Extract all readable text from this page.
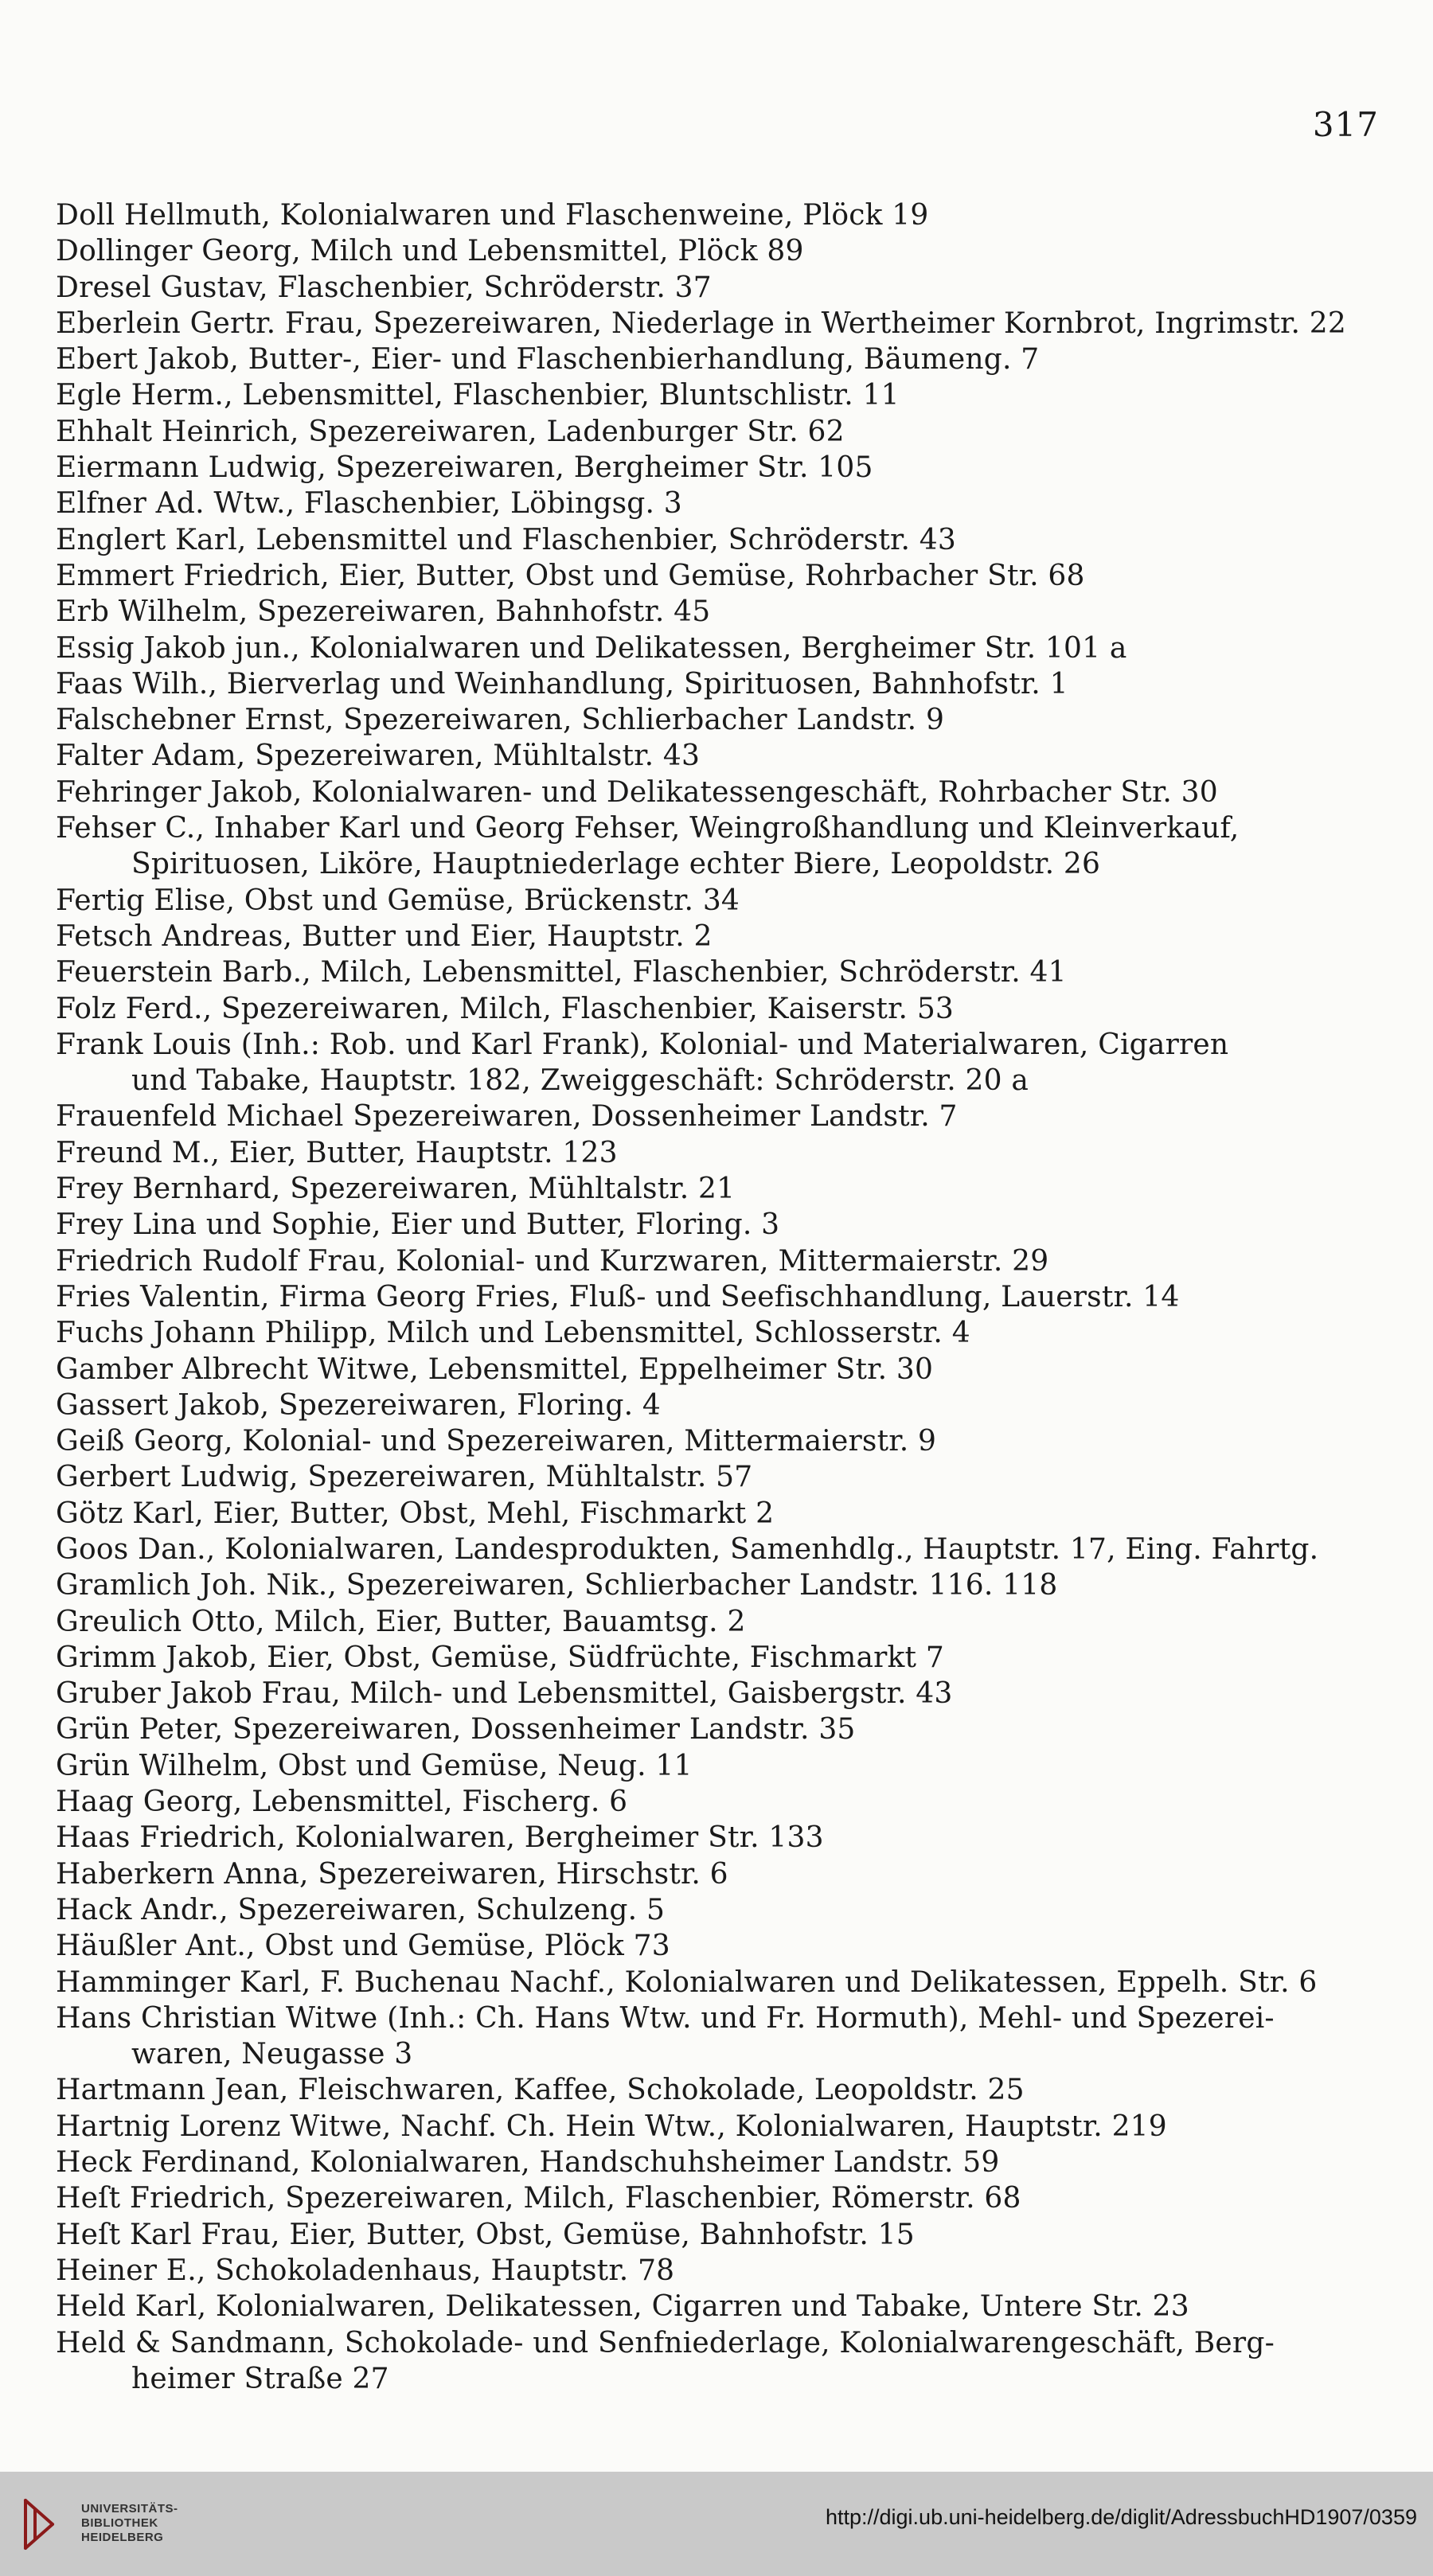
317
Doll Hellmuth, Kolonialwaren und Flaschenweine, Plöck 19
Dollinger Georg, Milch und Lebensmittel, Plöck 89
Dresel Gustav, Flaschenbier, Schröderstr. 37
Eberlein Gertr. Frau, Spezereiwaren, Niederlage in Wertheimer Kornbrot, Ingrimstr. 22
Ebert Jakob, Butter-, Eier- und Flaschenbierhandlung, Bäumeng. 7
Egle Herm., Lebensmittel, Flaschenbier, Bluntschlistr. 11
Ehhalt Heinrich, Spezereiwaren, Ladenburger Str. 62
Eiermann Ludwig, Spezereiwaren, Bergheimer Str. 105
Elfner Ad. Wtw., Flaschenbier, Löbingsg. 3
Englert Karl, Lebensmittel und Flaschenbier, Schröderstr. 43
Emmert Friedrich, Eier, Butter, Obst und Gemüse, Rohrbacher Str. 68
Erb Wilhelm, Spezereiwaren, Bahnhofstr. 45
Essig Jakob jun., Kolonialwaren und Delikatessen, Bergheimer Str. 101 a
Faas Wilh., Bierverlag und Weinhandlung, Spirituosen, Bahnhofstr. 1
Falschebner Ernst, Spezereiwaren, Schlierbacher Landstr. 9
Falter Adam, Spezereiwaren, Mühltalstr. 43
Fehringer Jakob, Kolonialwaren- und Delikatessengeschäft, Rohrbacher Str. 30
Fehser C., Inhaber Karl und Georg Fehser, Weingroßhandlung und Kleinverkauf,
Spirituosen, Liköre, Hauptniederlage echter Biere, Leopoldstr. 26
Fertig Elise, Obst und Gemüse, Brückenstr. 34
Fetsch Andreas, Butter und Eier, Hauptstr. 2
Feuerstein Barb., Milch, Lebensmittel, Flaschenbier, Schröderstr. 41
Folz Ferd., Spezereiwaren, Milch, Flaschenbier, Kaiserstr. 53
Frank Louis (Inh.: Rob. und Karl Frank), Kolonial- und Materialwaren, Cigarren
und Tabake, Hauptstr. 182, Zweiggeschäft: Schröderstr. 20 a
Frauenfeld Michael Spezereiwaren, Dossenheimer Landstr. 7
Freund M., Eier, Butter, Hauptstr. 123
Frey Bernhard, Spezereiwaren, Mühltalstr. 21
Frey Lina und Sophie, Eier und Butter, Floring. 3
Friedrich Rudolf Frau, Kolonial- und Kurzwaren, Mittermaierstr. 29
Fries Valentin, Firma Georg Fries, Fluß- und Seefischhandlung, Lauerstr. 14
Fuchs Johann Philipp, Milch und Lebensmittel, Schlosserstr. 4
Gamber Albrecht Witwe, Lebensmittel, Eppelheimer Str. 30
Gassert Jakob, Spezereiwaren, Floring. 4
Geiß Georg, Kolonial- und Spezereiwaren, Mittermaierstr. 9
Gerbert Ludwig, Spezereiwaren, Mühltalstr. 57
Götz Karl, Eier, Butter, Obst, Mehl, Fischmarkt 2
Goos Dan., Kolonialwaren, Landesprodukten, Samenhdlg., Hauptstr. 17, Eing. Fahrtg.
Gramlich Joh. Nik., Spezereiwaren, Schlierbacher Landstr. 116. 118
Greulich Otto, Milch, Eier, Butter, Bauamtsg. 2
Grimm Jakob, Eier, Obst, Gemüse, Südfrüchte, Fischmarkt 7
Gruber Jakob Frau, Milch- und Lebensmittel, Gaisbergstr. 43
Grün Peter, Spezereiwaren, Dossenheimer Landstr. 35
Grün Wilhelm, Obst und Gemüse, Neug. 11
Haag Georg, Lebensmittel, Fischerg. 6
Haas Friedrich, Kolonialwaren, Bergheimer Str. 133
Haberkern Anna, Spezereiwaren, Hirschstr. 6
Hack Andr., Spezereiwaren, Schulzeng. 5
Häußler Ant., Obst und Gemüse, Plöck 73
Hamminger Karl, F. Buchenau Nachf., Kolonialwaren und Delikatessen, Eppelh. Str. 6
Hans Christian Witwe (Inh.: Ch. Hans Wtw. und Fr. Hormuth), Mehl- und Spezerei-
waren, Neugasse 3
Hartmann Jean, Fleischwaren, Kaffee, Schokolade, Leopoldstr. 25
Hartnig Lorenz Witwe, Nachf. Ch. Hein Wtw., Kolonialwaren, Hauptstr. 219
Heck Ferdinand, Kolonialwaren, Handschuhsheimer Landstr. 59
Heſt Friedrich, Spezereiwaren, Milch, Flaschenbier, Römerstr. 68
Heſt Karl Frau, Eier, Butter, Obst, Gemüse, Bahnhofstr. 15
Heiner E., Schokoladenhaus, Hauptstr. 78
Held Karl, Kolonialwaren, Delikatessen, Cigarren und Tabake, Untere Str. 23
Held & Sandmann, Schokolade- und Senfniederlage, Kolonialwarengeschäft, Berg-
heimer Straße 27
UNIVERSITÄTS-
BIBLIOTHEK
HEIDELBERG
http://digi.ub.uni-heidelberg.de/diglit/AdressbuchHD1907/0359
